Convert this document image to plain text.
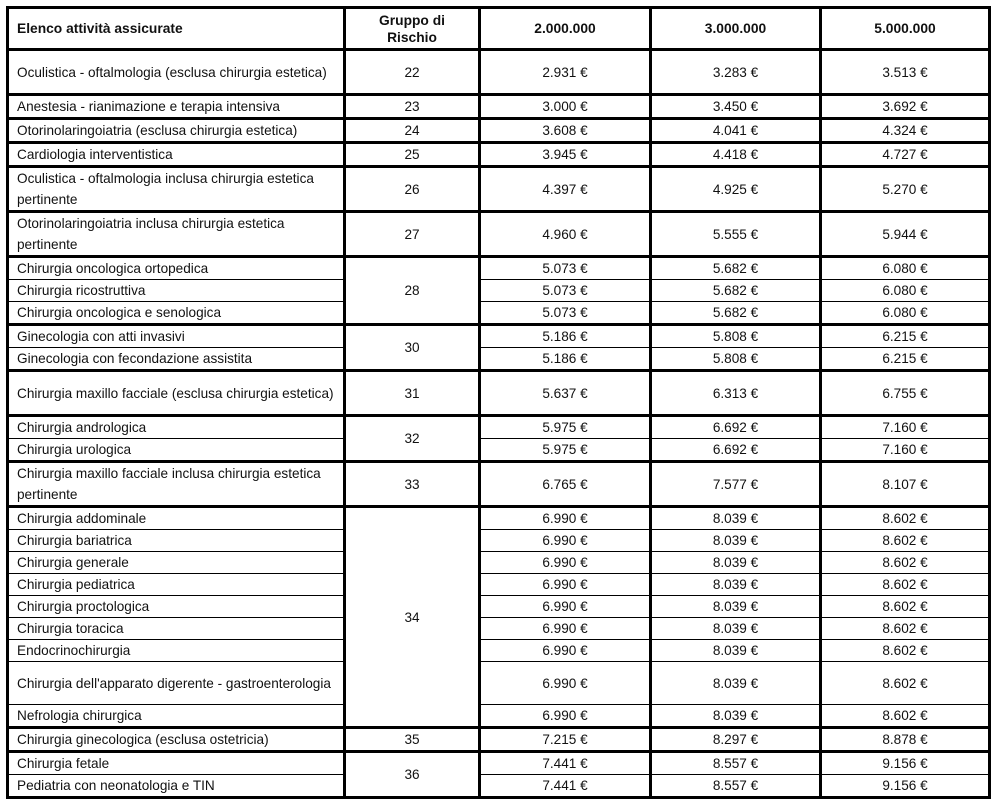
Elenco attività assicurate	Gruppo di Rischio	2.000.000	3.000.000	5.000.000
Oculistica - oftalmologia (esclusa chirurgia estetica)	22	2.931 €	3.283 €	3.513 €
Anestesia - rianimazione e terapia intensiva	23	3.000 €	3.450 €	3.692 €
Otorinolaringoiatria (esclusa chirurgia estetica)	24	3.608 €	4.041 €	4.324 €
Cardiologia interventistica	25	3.945 €	4.418 €	4.727 €
Oculistica - oftalmologia inclusa chirurgia estetica pertinente	26	4.397 €	4.925 €	5.270 €
Otorinolaringoiatria inclusa chirurgia estetica pertinente	27	4.960 €	5.555 €	5.944 €
Chirurgia oncologica ortopedica	28	5.073 €	5.682 €	6.080 €
Chirurgia ricostruttiva		5.073 €	5.682 €	6.080 €
Chirurgia oncologica e senologica		5.073 €	5.682 €	6.080 €
Ginecologia con atti invasivi	30	5.186 €	5.808 €	6.215 €
Ginecologia con fecondazione assistita		5.186 €	5.808 €	6.215 €
Chirurgia maxillo facciale (esclusa chirurgia estetica)	31	5.637 €	6.313 €	6.755 €
Chirurgia andrologica	32	5.975 €	6.692 €	7.160 €
Chirurgia urologica		5.975 €	6.692 €	7.160 €
Chirurgia maxillo facciale inclusa chirurgia estetica pertinente	33	6.765 €	7.577 €	8.107 €
Chirurgia addominale	34	6.990 €	8.039 €	8.602 €
Chirurgia bariatrica		6.990 €	8.039 €	8.602 €
Chirurgia generale		6.990 €	8.039 €	8.602 €
Chirurgia pediatrica		6.990 €	8.039 €	8.602 €
Chirurgia proctologica		6.990 €	8.039 €	8.602 €
Chirurgia toracica		6.990 €	8.039 €	8.602 €
Endocrinochirurgia		6.990 €	8.039 €	8.602 €
Chirurgia dell'apparato digerente - gastroenterologia		6.990 €	8.039 €	8.602 €
Nefrologia chirurgica		6.990 €	8.039 €	8.602 €
Chirurgia ginecologica (esclusa ostetricia)	35	7.215 €	8.297 €	8.878 €
Chirurgia fetale	36	7.441 €	8.557 €	9.156 €
Pediatria con neonatologia e TIN		7.441 €	8.557 €	9.156 €
